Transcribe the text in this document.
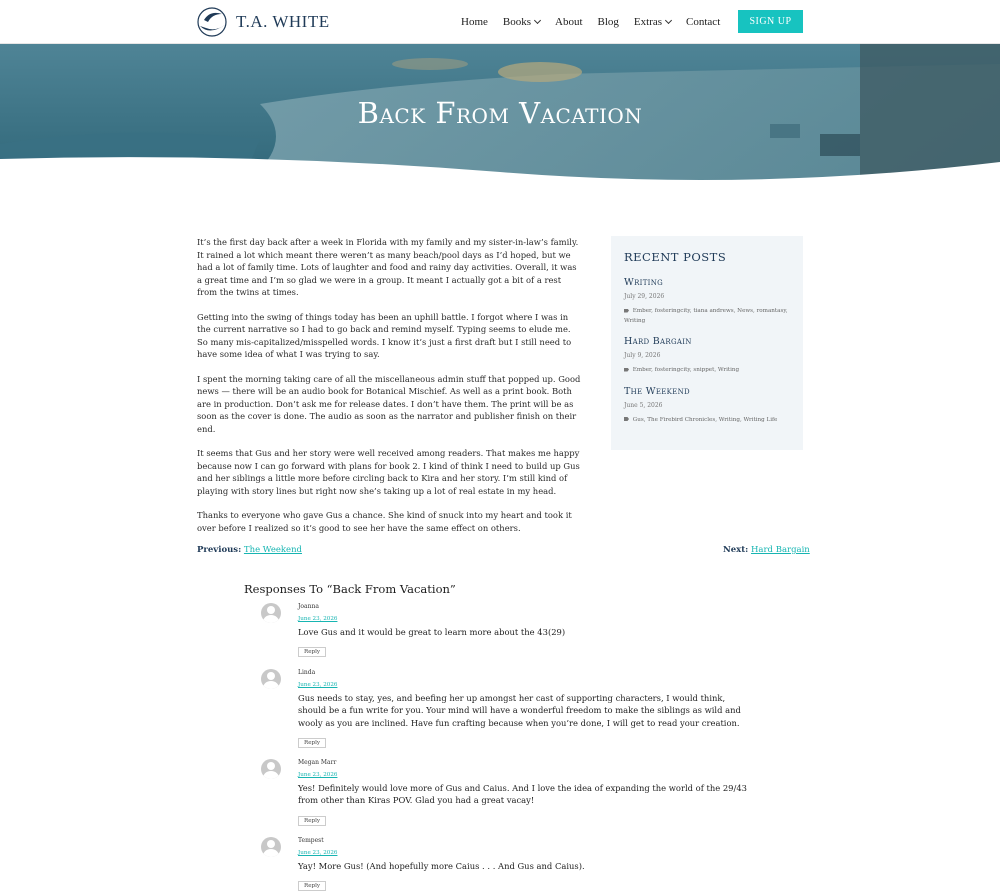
T.A. WHITE	Home Books About Blog Extras Contact	SIGN UP
Back From Vacation

It’s the first day back after a week in Florida with my family and my sister-in-law’s family. It rained a lot which meant there weren’t as many beach/pool days as I’d hoped, but we had a lot of family time. Lots of laughter and food and rainy day activities. Overall, it was a great time and I’m so glad we were in a group. It meant I actually got a bit of a rest from the twins at times.

Getting into the swing of things today has been an uphill battle. I forgot where I was in the current narrative so I had to go back and remind myself. Typing seems to elude me. So many mis-capitalized/misspelled words. I know it’s just a first draft but I still need to have some idea of what I was trying to say.

I spent the morning taking care of all the miscellaneous admin stuff that popped up. Good news — there will be an audio book for Botanical Mischief. As well as a print book. Both are in production. Don’t ask me for release dates. I don’t have them. The print will be as soon as the cover is done. The audio as soon as the narrator and publisher finish on their end.

It seems that Gus and her story were well received among readers. That makes me happy because now I can go forward with plans for book 2. I kind of think I need to build up Gus and her siblings a little more before circling back to Kira and her story. I’m still kind of playing with story lines but right now she’s taking up a lot of real estate in my head.

Thanks to everyone who gave Gus a chance. She kind of snuck into my heart and took it over before I realized so it’s good to see her have the same effect on others.

RECENT POSTS
Writing
July 29, 2026
Ember, fosteringcity, tiana andrews, News, romantasy, Writing
Hard Bargain
July 9, 2026
Ember, fosteringcity, snippet, Writing
The Weekend
June 5, 2026
Gus, The Firebird Chronicles, Writing, Writing Life
Previous: The Weekend	Next: Hard Bargain
Responses To “Back From Vacation”
Joanna
June 23, 2026
Love Gus and it would be great to learn more about the 43(29)
Reply
Linda
June 23, 2026
Gus needs to stay, yes, and beefing her up amongst her cast of supporting characters, I would think, should be a fun write for you. Your mind will have a wonderful freedom to make the siblings as wild and wooly as you are inclined. Have fun crafting because when you’re done, I will get to read your creation.
Reply
Megan Marr
June 23, 2026
Yes! Definitely would love more of Gus and Caius. And I love the idea of expanding the world of the 29/43 from other than Kiras POV. Glad you had a great vacay!
Reply
Tempest
June 23, 2026
Yay! More Gus! (And hopefully more Caius . . . And Gus and Caius).
Reply
